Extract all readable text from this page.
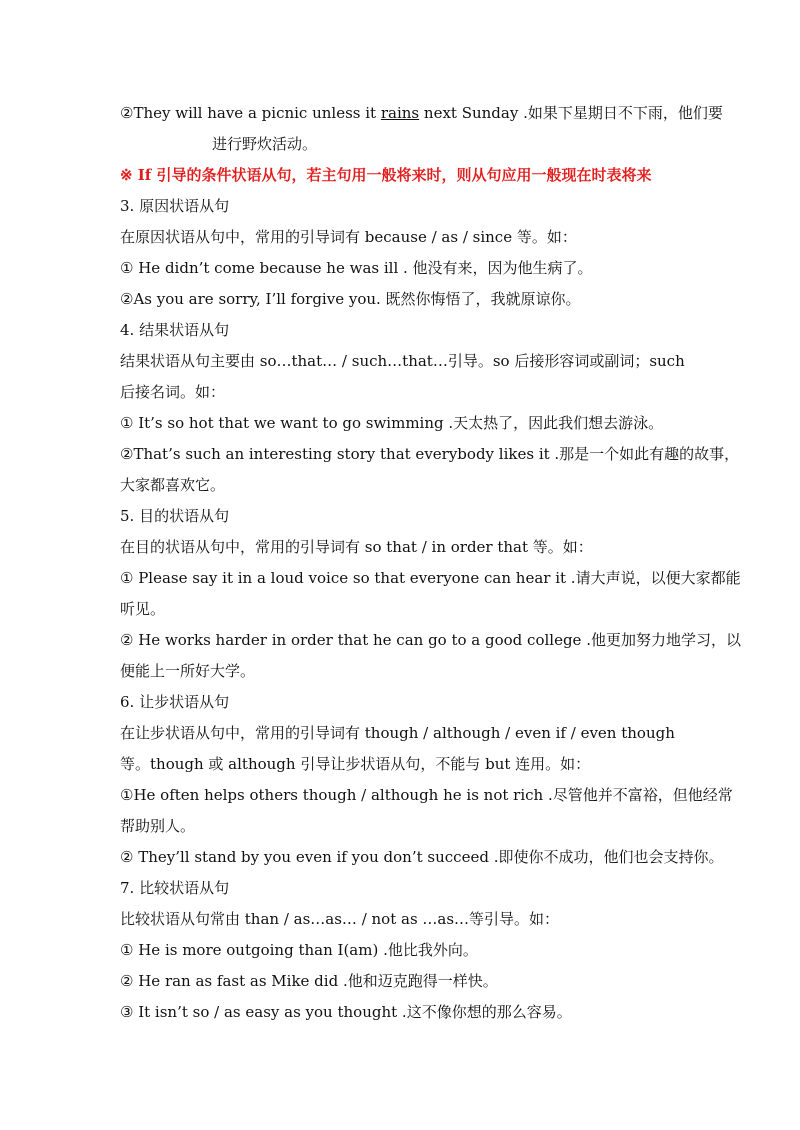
②They will have a picnic unless it rains next Sunday .如果下星期日不下雨，他们要
进行野炊活动。
※ If 引导的条件状语从句，若主句用一般将来时，则从句应用一般现在时表将来
3. 原因状语从句
在原因状语从句中，常用的引导词有 because / as / since 等。如：
① He didn’t come because he was ill . 他没有来，因为他生病了。
②As you are sorry, I’ll forgive you. 既然你悔悟了，我就原谅你。
4. 结果状语从句
结果状语从句主要由 so…that… / such…that…引导。so 后接形容词或副词；such
后接名词。如：
① It’s so hot that we want to go swimming .天太热了，因此我们想去游泳。
②That’s such an interesting story that everybody likes it .那是一个如此有趣的故事，
大家都喜欢它。
5. 目的状语从句
在目的状语从句中，常用的引导词有 so that / in order that 等。如：
① Please say it in a loud voice so that everyone can hear it .请大声说，以便大家都能
听见。
② He works harder in order that he can go to a good college .他更加努力地学习，以
便能上一所好大学。
6. 让步状语从句
在让步状语从句中，常用的引导词有 though / although / even if / even though
等。though 或 although 引导让步状语从句，不能与 but 连用。如：
①He often helps others though / although he is not rich .尽管他并不富裕，但他经常
帮助别人。
② They’ll stand by you even if you don’t succeed .即使你不成功，他们也会支持你。
7. 比较状语从句
比较状语从句常由 than / as…as… / not as …as…等引导。如：
① He is more outgoing than I(am) .他比我外向。
② He ran as fast as Mike did .他和迈克跑得一样快。
③ It isn’t so / as easy as you thought .这不像你想的那么容易。
